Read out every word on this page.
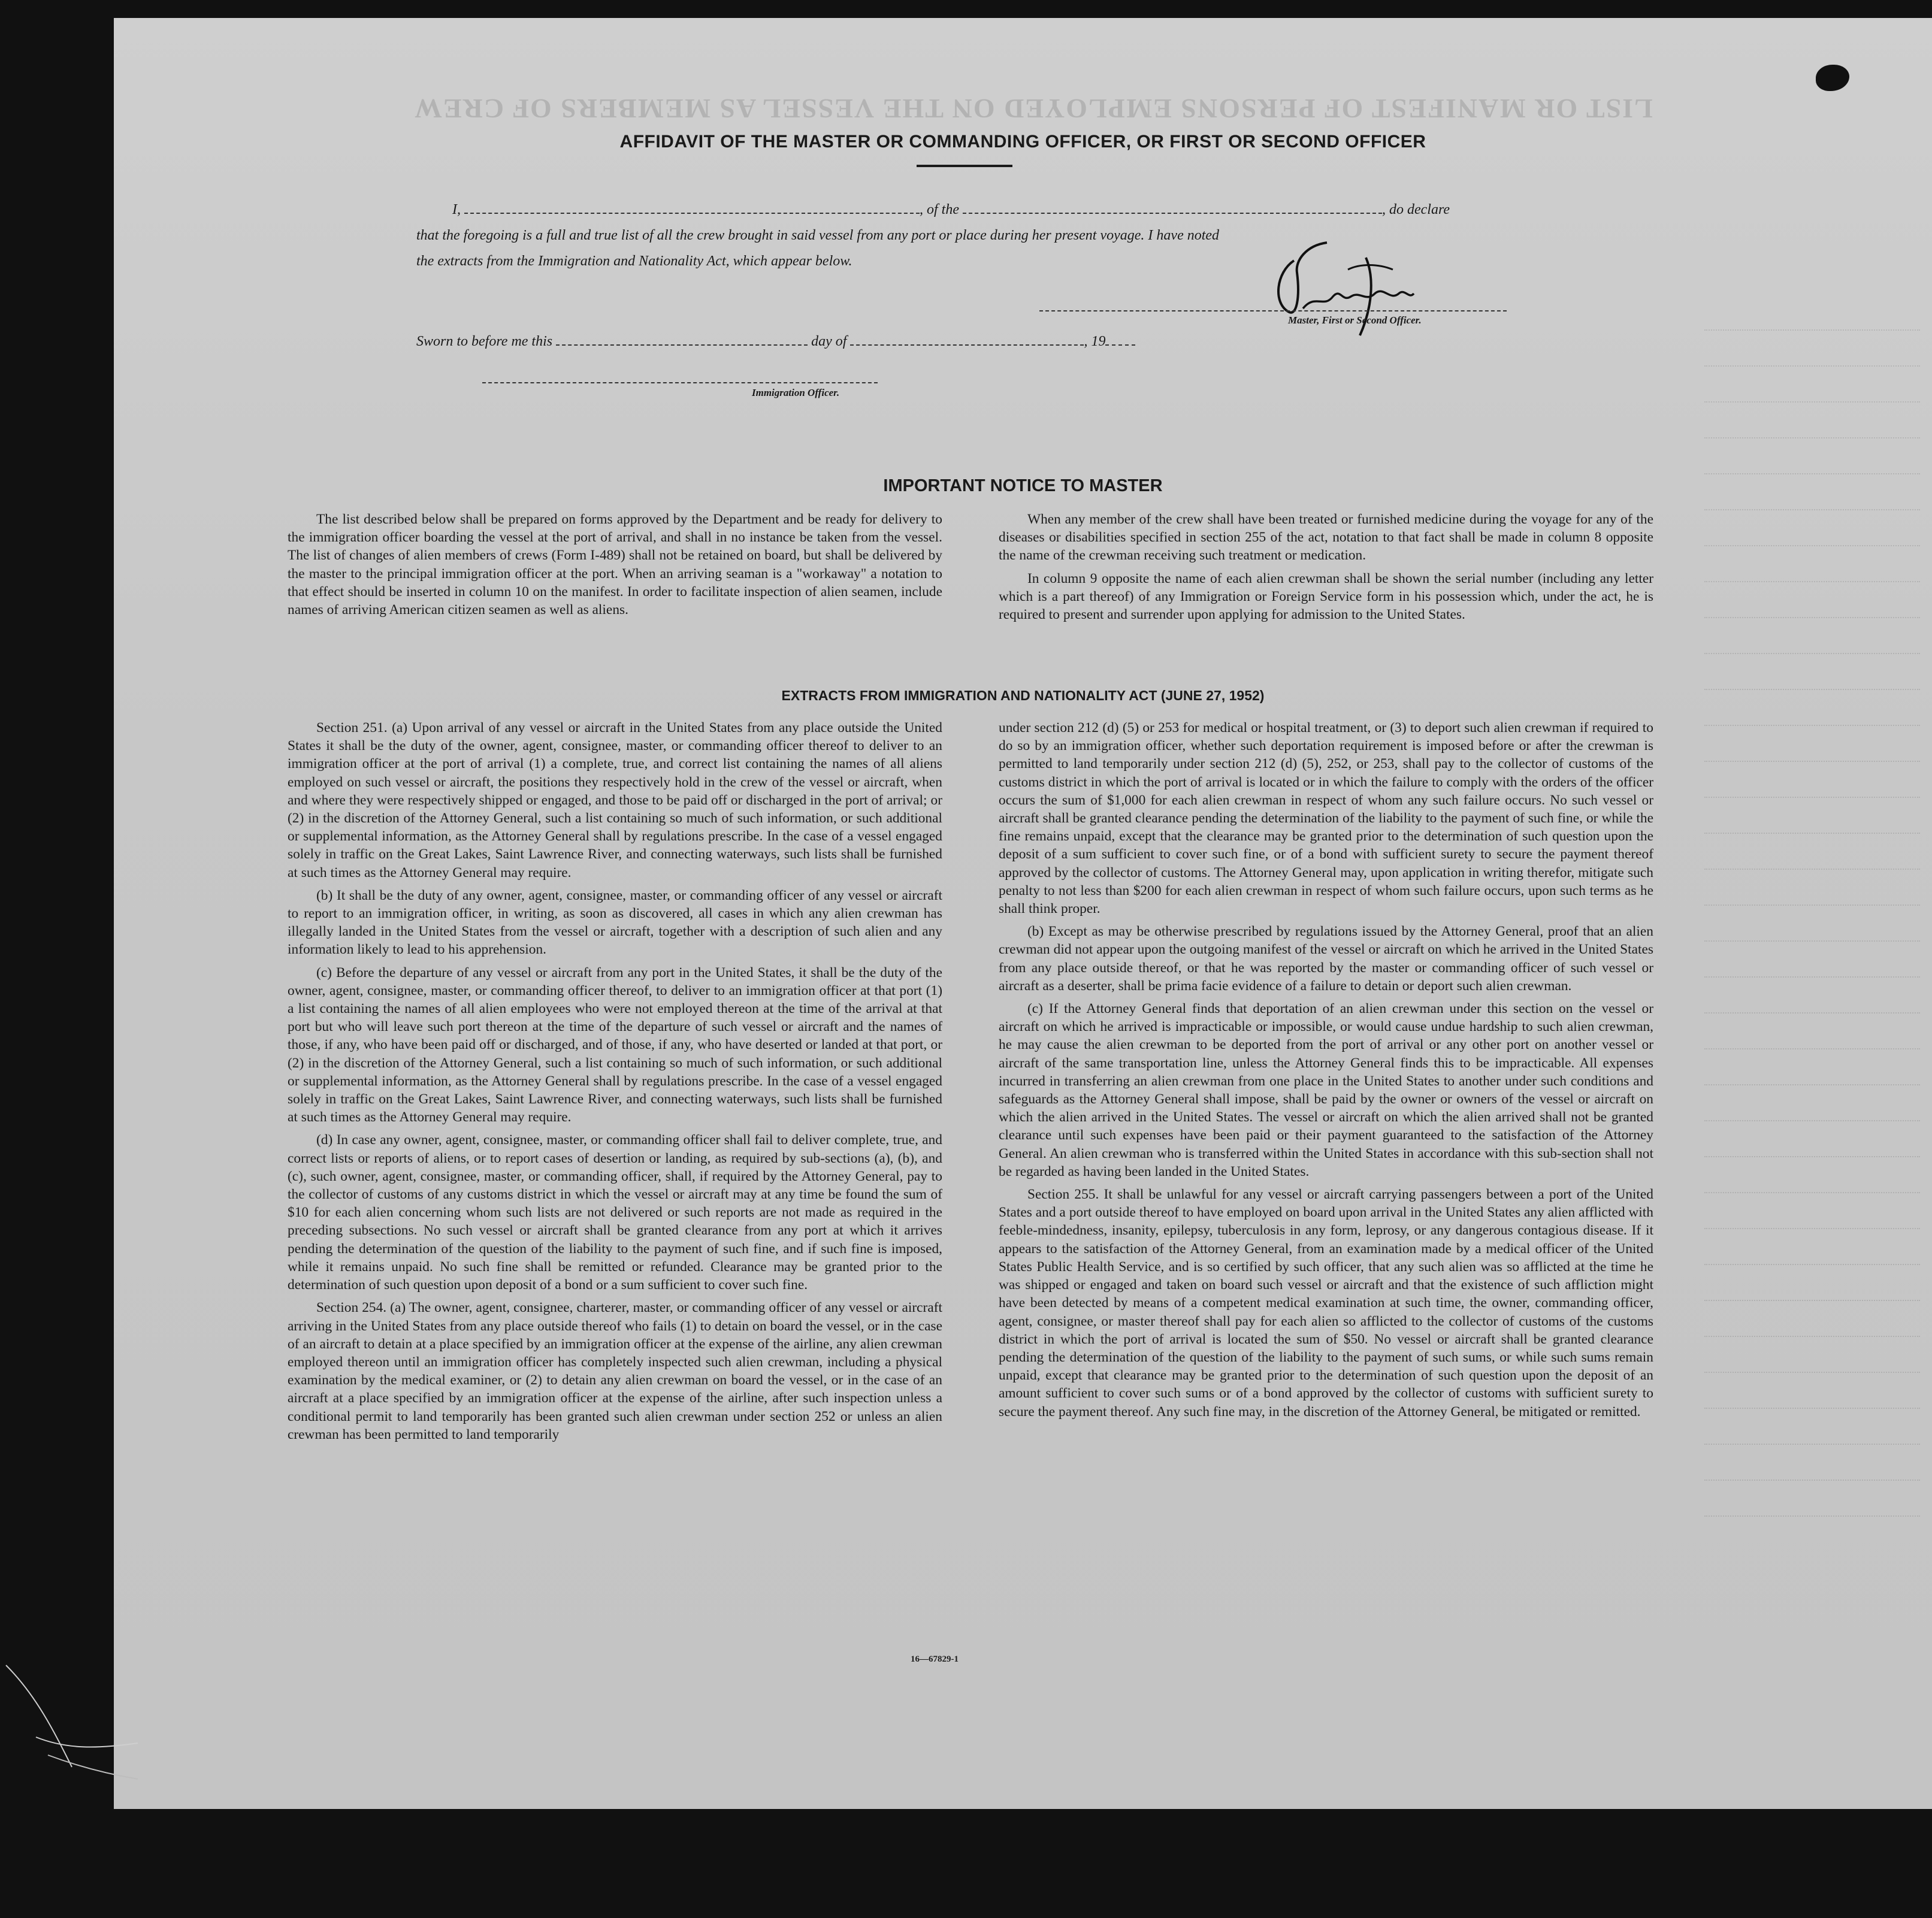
LIST OR MANIFEST OF PERSONS EMPLOYED ON THE VESSEL AS MEMBERS OF CREW

AFFIDAVIT OF THE MASTER OR COMMANDING OFFICER, OR FIRST OR SECOND OFFICER
I,	, of the	, do declare
that the foregoing is a full and true list of all the crew brought in said vessel from any port or place during her present voyage. I have noted
the extracts from the Immigration and Nationality Act, which appear below.
Master, First or Second Officer.
Sworn to before me this	day of	, 19
Immigration Officer.
IMPORTANT NOTICE TO MASTER

The list described below shall be prepared on forms approved by the Department and be ready for delivery to the immigration officer boarding the vessel at the port of arrival, and shall in no instance be taken from the vessel. The list of changes of alien members of crews (Form I-489) shall not be retained on board, but shall be delivered by the master to the principal immigration officer at the port. When an arriving seaman is a "workaway" a notation to that effect should be inserted in column 10 on the manifest. In order to facilitate inspection of alien seamen, include names of arriving American citizen seamen as well as aliens.

When any member of the crew shall have been treated or furnished medicine during the voyage for any of the diseases or disabilities specified in section 255 of the act, notation to that fact shall be made in column 8 opposite the name of the crewman receiving such treatment or medication.

In column 9 opposite the name of each alien crewman shall be shown the serial number (including any letter which is a part thereof) of any Immigration or Foreign Service form in his possession which, under the act, he is required to present and surrender upon applying for admission to the United States.

EXTRACTS FROM IMMIGRATION AND NATIONALITY ACT (JUNE 27, 1952)

Section 251. (a) Upon arrival of any vessel or aircraft in the United States from any place outside the United States it shall be the duty of the owner, agent, consignee, master, or commanding officer thereof to deliver to an immigration officer at the port of arrival (1) a complete, true, and correct list containing the names of all aliens employed on such vessel or aircraft, the positions they respectively hold in the crew of the vessel or aircraft, when and where they were respectively shipped or engaged, and those to be paid off or discharged in the port of arrival; or (2) in the discretion of the Attorney General, such a list containing so much of such information, or such additional or supplemental information, as the Attorney General shall by regulations prescribe. In the case of a vessel engaged solely in traffic on the Great Lakes, Saint Lawrence River, and connecting waterways, such lists shall be furnished at such times as the Attorney General may require.

(b) It shall be the duty of any owner, agent, consignee, master, or commanding officer of any vessel or aircraft to report to an immigration officer, in writing, as soon as discovered, all cases in which any alien crewman has illegally landed in the United States from the vessel or aircraft, together with a description of such alien and any information likely to lead to his apprehension.

(c) Before the departure of any vessel or aircraft from any port in the United States, it shall be the duty of the owner, agent, consignee, master, or commanding officer thereof, to deliver to an immigration officer at that port (1) a list containing the names of all alien employees who were not employed thereon at the time of the arrival at that port but who will leave such port thereon at the time of the departure of such vessel or aircraft and the names of those, if any, who have been paid off or discharged, and of those, if any, who have deserted or landed at that port, or (2) in the discretion of the Attorney General, such a list containing so much of such information, or such additional or supplemental information, as the Attorney General shall by regulations prescribe. In the case of a vessel engaged solely in traffic on the Great Lakes, Saint Lawrence River, and connecting waterways, such lists shall be furnished at such times as the Attorney General may require.

(d) In case any owner, agent, consignee, master, or commanding officer shall fail to deliver complete, true, and correct lists or reports of aliens, or to report cases of desertion or landing, as required by sub-sections (a), (b), and (c), such owner, agent, consignee, master, or commanding officer, shall, if required by the Attorney General, pay to the collector of customs of any customs district in which the vessel or aircraft may at any time be found the sum of $10 for each alien concerning whom such lists are not delivered or such reports are not made as required in the preceding subsections. No such vessel or aircraft shall be granted clearance from any port at which it arrives pending the determination of the question of the liability to the payment of such fine, and if such fine is imposed, while it remains unpaid. No such fine shall be remitted or refunded. Clearance may be granted prior to the determination of such question upon deposit of a bond or a sum sufficient to cover such fine.

Section 254. (a) The owner, agent, consignee, charterer, master, or commanding officer of any vessel or aircraft arriving in the United States from any place outside thereof who fails (1) to detain on board the vessel, or in the case of an aircraft to detain at a place specified by an immigration officer at the expense of the airline, any alien crewman employed thereon until an immigration officer has completely inspected such alien crewman, including a physical examination by the medical examiner, or (2) to detain any alien crewman on board the vessel, or in the case of an aircraft at a place specified by an immigration officer at the expense of the airline, after such inspection unless a conditional permit to land temporarily has been granted such alien crewman under section 252 or unless an alien crewman has been permitted to land temporarily

under section 212 (d) (5) or 253 for medical or hospital treatment, or (3) to deport such alien crewman if required to do so by an immigration officer, whether such deportation requirement is imposed before or after the crewman is permitted to land temporarily under section 212 (d) (5), 252, or 253, shall pay to the collector of customs of the customs district in which the port of arrival is located or in which the failure to comply with the orders of the officer occurs the sum of $1,000 for each alien crewman in respect of whom any such failure occurs. No such vessel or aircraft shall be granted clearance pending the determination of the liability to the payment of such fine, or while the fine remains unpaid, except that the clearance may be granted prior to the determination of such question upon the deposit of a sum sufficient to cover such fine, or of a bond with sufficient surety to secure the payment thereof approved by the collector of customs. The Attorney General may, upon application in writing therefor, mitigate such penalty to not less than $200 for each alien crewman in respect of whom such failure occurs, upon such terms as he shall think proper.

(b) Except as may be otherwise prescribed by regulations issued by the Attorney General, proof that an alien crewman did not appear upon the outgoing manifest of the vessel or aircraft on which he arrived in the United States from any place outside thereof, or that he was reported by the master or commanding officer of such vessel or aircraft as a deserter, shall be prima facie evidence of a failure to detain or deport such alien crewman.

(c) If the Attorney General finds that deportation of an alien crewman under this section on the vessel or aircraft on which he arrived is impracticable or impossible, or would cause undue hardship to such alien crewman, he may cause the alien crewman to be deported from the port of arrival or any other port on another vessel or aircraft of the same transportation line, unless the Attorney General finds this to be impracticable. All expenses incurred in transferring an alien crewman from one place in the United States to another under such conditions and safeguards as the Attorney General shall impose, shall be paid by the owner or owners of the vessel or aircraft on which the alien arrived in the United States. The vessel or aircraft on which the alien arrived shall not be granted clearance until such expenses have been paid or their payment guaranteed to the satisfaction of the Attorney General. An alien crewman who is transferred within the United States in accordance with this sub-section shall not be regarded as having been landed in the United States.

Section 255. It shall be unlawful for any vessel or aircraft carrying passengers between a port of the United States and a port outside thereof to have employed on board upon arrival in the United States any alien afflicted with feeble-mindedness, insanity, epilepsy, tuberculosis in any form, leprosy, or any dangerous contagious disease. If it appears to the satisfaction of the Attorney General, from an examination made by a medical officer of the United States Public Health Service, and is so certified by such officer, that any such alien was so afflicted at the time he was shipped or engaged and taken on board such vessel or aircraft and that the existence of such affliction might have been detected by means of a competent medical examination at such time, the owner, commanding officer, agent, consignee, or master thereof shall pay for each alien so afflicted to the collector of customs of the customs district in which the port of arrival is located the sum of $50. No vessel or aircraft shall be granted clearance pending the determination of the question of the liability to the payment of such sums, or while such sums remain unpaid, except that clearance may be granted prior to the determination of such question upon the deposit of an amount sufficient to cover such sums or of a bond approved by the collector of customs with sufficient surety to secure the payment thereof. Any such fine may, in the discretion of the Attorney General, be mitigated or remitted.

16—67829-1
